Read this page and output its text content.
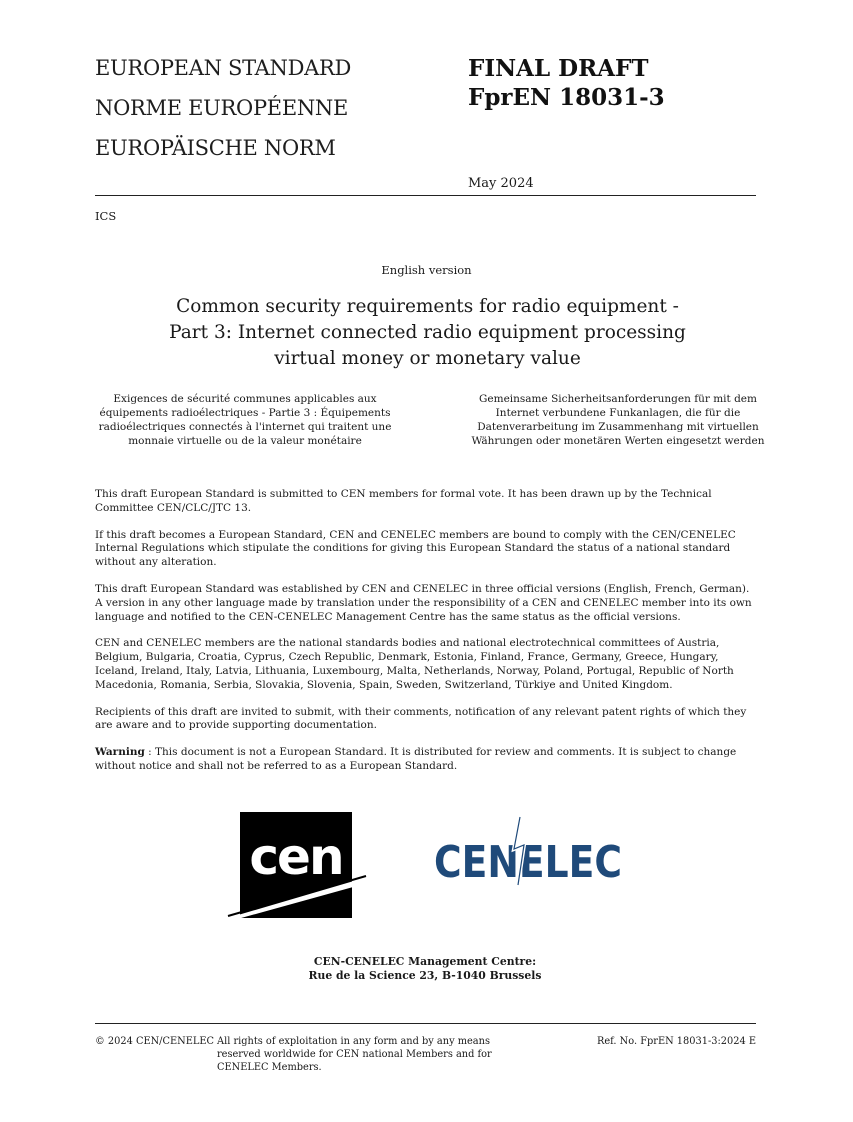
EUROPEAN STANDARD
NORME EUROPÉENNE
EUROPÄISCHE NORM
FINAL DRAFT
FprEN 18031-3
May 2024
ICS
English version
Common security requirements for radio equipment - Part 3: Internet connected radio equipment processing virtual money or monetary value
Exigences de sécurité communes applicables aux équipements radioélectriques - Partie 3 : Équipements radioélectriques connectés à l'internet qui traitent une monnaie virtuelle ou de la valeur monétaire
Gemeinsame Sicherheitsanforderungen für mit dem Internet verbundene Funkanlagen, die für die Datenverarbeitung im Zusammenhang mit virtuellen Währungen oder monetären Werten eingesetzt werden

This draft European Standard is submitted to CEN members for formal vote. It has been drawn up by the Technical Committee CEN/CLC/JTC 13.

If this draft becomes a European Standard, CEN and CENELEC members are bound to comply with the CEN/CENELEC Internal Regulations which stipulate the conditions for giving this European Standard the status of a national standard without any alteration.

This draft European Standard was established by CEN and CENELEC in three official versions (English, French, German). A version in any other language made by translation under the responsibility of a CEN and CENELEC member into its own language and notified to the CEN-CENELEC Management Centre has the same status as the official versions.

CEN and CENELEC members are the national standards bodies and national electrotechnical committees of Austria, Belgium, Bulgaria, Croatia, Cyprus, Czech Republic, Denmark, Estonia, Finland, France, Germany, Greece, Hungary, Iceland, Ireland, Italy, Latvia, Lithuania, Luxembourg, Malta, Netherlands, Norway, Poland, Portugal, Republic of North Macedonia, Romania, Serbia, Slovakia, Slovenia, Spain, Sweden, Switzerland, Türkiye and United Kingdom.

Recipients of this draft are invited to submit, with their comments, notification of any relevant patent rights of which they are aware and to provide supporting documentation.

Warning : This document is not a European Standard. It is distributed for review and comments. It is subject to change without notice and shall not be referred to as a European Standard.

cen CENELEC
CEN-CENELEC Management Centre:
Rue de la Science 23, B-1040 Brussels
© 2024 CEN/CENELEC All rights of exploitation in any form and by any means reserved worldwide for CEN national Members and for CENELEC Members.
Ref. No. FprEN 18031-3:2024 E
